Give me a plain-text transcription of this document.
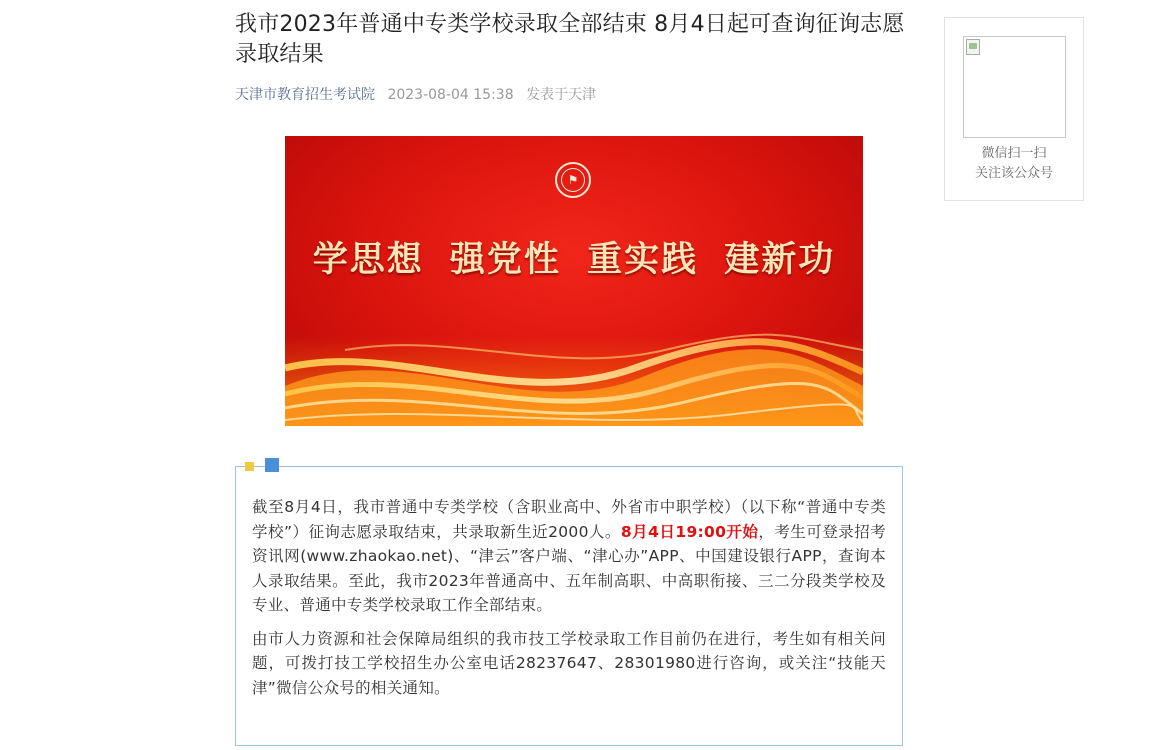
我市2023年普通中专类学校录取全部结束 8月4日起可查询征询志愿录取结果
天津市教育招生考试院 2023-08-04 15:38 发表于天津
⚑
学思想 强党性 重实践 建新功

截至8月4日，我市普通中专类学校（含职业高中、外省市中职学校）（以下称“普通中专类学校”）征询志愿录取结束，共录取新生近2000人。8月4日19:00开始，考生可登录招考资讯网(www.zhaokao.net)、“津云”客户端、“津心办”APP、中国建设银行APP，查询本人录取结果。至此，我市2023年普通高中、五年制高职、中高职衔接、三二分段类学校及专业、普通中专类学校录取工作全部结束。

由市人力资源和社会保障局组织的我市技工学校录取工作目前仍在进行，考生如有相关问题，可拨打技工学校招生办公室电话28237647、28301980进行咨询，或关注“技能天津”微信公众号的相关通知。

微信扫一扫
关注该公众号
